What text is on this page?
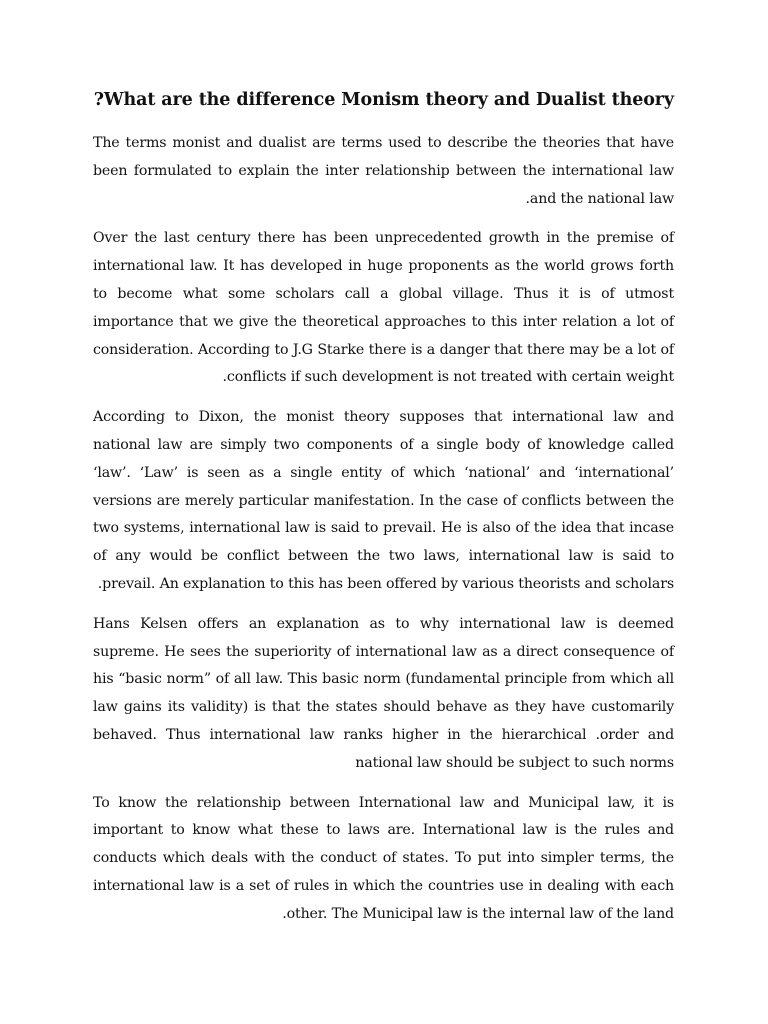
?What are the difference Monism theory and Dualist theory

The terms monist and dualist are terms used to describe the theories that have been formulated to explain the inter relationship between the international law .and the national law

Over the last century there has been unprecedented growth in the premise of international law. It has developed in huge proponents as the world grows forth to become what some scholars call a global village. Thus it is of utmost importance that we give the theoretical approaches to this inter relation a lot of consideration. According to J.G Starke there is a danger that there may be a lot of .conflicts if such development is not treated with certain weight

According to Dixon, the monist theory supposes that international law and national law are simply two components of a single body of knowledge called ‘law’. ‘Law’ is seen as a single entity of which ‘national’ and ‘international’ versions are merely particular manifestation. In the case of conflicts between the two systems, international law is said to prevail. He is also of the idea that incase of any would be conflict between the two laws, international law is said to .prevail. An explanation to this has been offered by various theorists and scholars

Hans Kelsen offers an explanation as to why international law is deemed supreme. He sees the superiority of international law as a direct consequence of his “basic norm” of all law. This basic norm (fundamental principle from which all law gains its validity) is that the states should behave as they have customarily behaved. Thus international law ranks higher in the hierarchical .order and national law should be subject to such norms

To know the relationship between International law and Municipal law, it is important to know what these to laws are. International law is the rules and conducts which deals with the conduct of states. To put into simpler terms, the international law is a set of rules in which the countries use in dealing with each .other. The Municipal law is the internal law of the land
